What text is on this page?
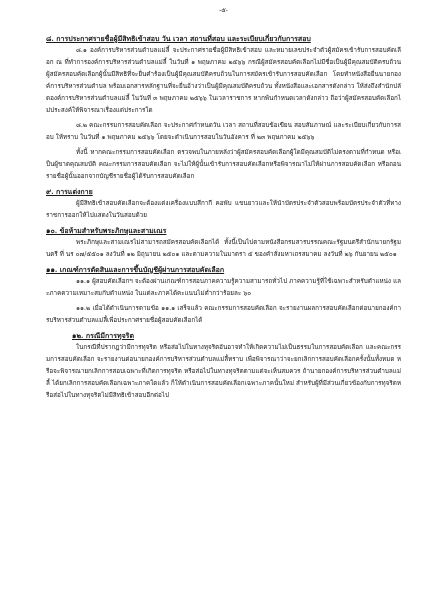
-๕-
๘. การประกาศรายชื่อผู้มีสิทธิเข้าสอบ วัน เวลา สถานที่สอบ และระเบียบเกี่ยวกับการสอบ

๘.๑ องค์การบริหารส่วนตำบลแม่ลี้ จะประกาศรายชื่อผู้มีสิทธิเข้าสอบ และหมายเลขประจำตัวผู้สมัครเข้ารับการสอบคัดเลือก ณ ที่ทำการองค์การบริหารส่วนตำบลแม่ลี้ ในวันที่ ๑ พฤษภาคม ๒๕๖๖ กรณีผู้สมัครสอบคัดเลือกไม่มีชื่อเป็นผู้มีคุณสมบัติครบถ้วน ผู้สมัครสอบคัดเลือกผู้นั้นมีสิทธิที่จะยื่นคำร้องเป็นผู้มีคุณสมบัติครบถ้วนในการสมัครเข้ารับการสอบคัดเลือก โดยทำหนังสือยื่นนายกองค์การบริหารส่วนตำบล พร้อมเอกสารหลักฐานที่จะยื่นอ้างว่าเป็นผู้มีคุณสมบัติครบถ้วน ทั้งหนังสือและเอกสารดังกล่าว ให้ส่งถึงสำนักปลัดองค์การบริหารส่วนตำบลแม่ลี้ ในวันที่ ๓ พฤษภาคม ๒๕๖๖ ในเวลาราชการ หากพ้นกำหนดเวลาดังกล่าว ถือว่าผู้สมัครสอบคัดเลือกไม่ประสงค์ให้พิจารณาเรื่องแต่ประการใด

๘.๒ คณะกรรมการสอบคัดเลือก จะประกาศกำหนดวัน เวลา สถานที่สอบข้อเขียน สอบสัมภาษณ์ และระเบียบเกี่ยวกับการสอบ ให้ทราบ ในวันที่ ๑ พฤษภาคม ๒๕๖๖ โดยจะดำเนินการสอบในวันอังคาร ที่ ๒๓ พฤษภาคม ๒๕๖๖

ทั้งนี้ หากคณะกรรมการสอบคัดเลือก ตรวจพบในภายหลังว่าผู้สมัครสอบคัดเลือกผู้ใดมีคุณสมบัติไม่ตรงตามที่กำหนด หรือเป็นผู้ขาดคุณสมบัติ คณะกรรมการสอบคัดเลือก จะไม่ให้ผู้นั้นเข้ารับการสอบคัดเลือกหรือพิจารณาไม่ให้ผ่านการสอบคัดเลือก หรือถอนรายชื่อผู้นั้นออกจากบัญชีรายชื่อผู้ได้รับการสอบคัดเลือก

๙. การแต่งกาย

ผู้มีสิทธิเข้าสอบคัดเลือกจะต้องแต่งเครื่องแบบสีกากี คอพับ แขนยาวและให้นำบัตรประจำตัวสอบพร้อมบัตรประจำตัวที่ทางราชการออกให้ไปแสดงในวันสอบด้วย

๑๐. ข้อห้ามสำหรับพระภิกษุและสามเณร

พระภิกษุและสามเณรไม่สามารถสมัครสอบคัดเลือกได้ ทั้งนี้เป็นไปตามหนังสือกรมสารบรรณคณะรัฐมนตรีสำนักนายกรัฐมนตรี ที่ นร ๐๗/๕๕๐๑ ลงวันที่ ๑๒ มิถุนายน ๒๕๐๑ และตามความในมาตรา ๕ ของคำสั่งมหาเถรสมาคม ลงวันที่ ๒๖ กันยายน ๒๕๐๑

๑๑. เกณฑ์การตัดสินและการขึ้นบัญชีผู้ผ่านการสอบคัดเลือก

๑๑.๑ ผู้สอบคัดเลือกฯ จะต้องผ่านเกณฑ์การสอบภาคความรู้ความสามารถทั่วไป ภาคความรู้ที่ใช้เฉพาะสำหรับตำแหน่ง และภาคความเหมาะสมกับตำแหน่ง ในแต่ละภาคได้คะแนนไม่ต่ำกว่าร้อยละ ๖๐

๑๑.๒ เมื่อได้ดำเนินการตามข้อ ๑๑.๑ เสร็จแล้ว คณะกรรมการสอบคัดเลือก จะรายงานผลการสอบคัดเลือกต่อนายกองค์การบริหารส่วนตำบลแม่ลี้เพื่อประกาศรายชื่อผู้สอบคัดเลือกได้

๑๒. กรณีมีการทุจริต

ในกรณีที่ปรากฏว่ามีการทุจริต หรือส่อไปในทางทุจริตอันอาจทำให้เกิดความไม่เป็นธรรมในการสอบคัดเลือก และคณะกรรมการสอบคัดเลือก จะรายงานต่อนายกองค์การบริหารส่วนตำบลแม่ลี้ทราบ เพื่อพิจารณาว่าจะยกเลิกการสอบคัดเลือกครั้งนั้นทั้งหมด หรือจะพิจารณายกเลิกการสอบเฉพาะที่เกิดการทุจริต หรือส่อไปในทางทุจริตตามแต่จะเห็นสมควร ถ้านายกองค์การบริหารส่วนตำบลแม่ลี้ ได้ยกเลิกการสอบคัดเลือกเฉพาะภาคใดแล้ว ก็ให้ดำเนินการสอบคัดเลือกเฉพาะภาคนั้นใหม่ สำหรับผู้ที่มีส่วนเกี่ยวข้องกับการทุจริตหรือส่อไปในทางทุจริตไม่มีสิทธิเข้าสอบอีกต่อไป
